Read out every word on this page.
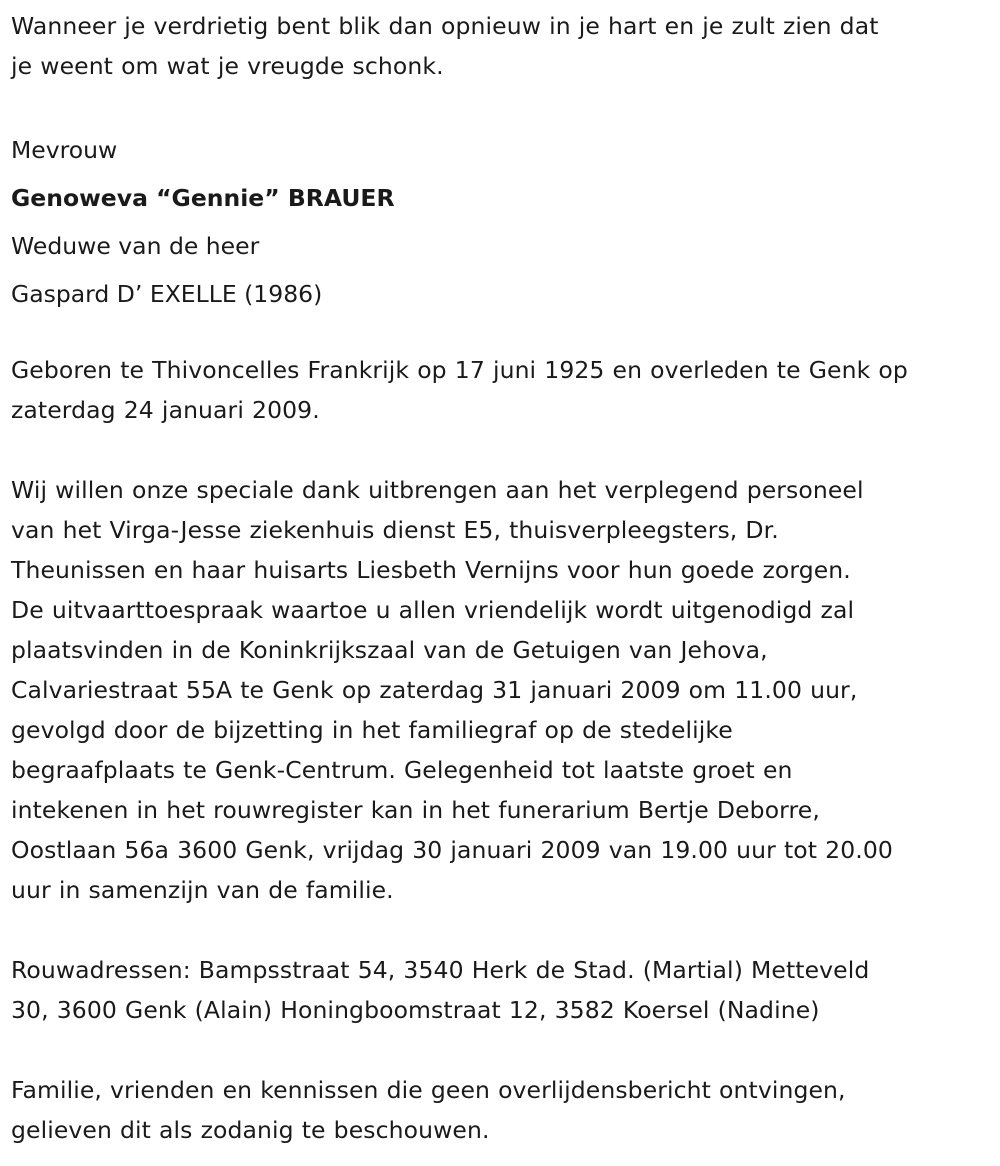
Wanneer je verdrietig bent blik dan opnieuw in je hart en je zult zien dat
je weent om wat je vreugde schonk.

Mevrouw

Genoweva “Gennie” BRAUER

Weduwe van de heer

Gaspard D’ EXELLE (1986)

Geboren te Thivoncelles Frankrijk op 17 juni 1925 en overleden te Genk op
zaterdag 24 januari 2009.

Wij willen onze speciale dank uitbrengen aan het verplegend personeel
van het Virga-Jesse ziekenhuis dienst E5, thuisverpleegsters, Dr.
Theunissen en haar huisarts Liesbeth Vernijns voor hun goede zorgen.
De uitvaarttoespraak waartoe u allen vriendelijk wordt uitgenodigd zal
plaatsvinden in de Koninkrijkszaal van de Getuigen van Jehova,
Calvariestraat 55A te Genk op zaterdag 31 januari 2009 om 11.00 uur,
gevolgd door de bijzetting in het familiegraf op de stedelijke
begraafplaats te Genk-Centrum. Gelegenheid tot laatste groet en
intekenen in het rouwregister kan in het funerarium Bertje Deborre,
Oostlaan 56a 3600 Genk, vrijdag 30 januari 2009 van 19.00 uur tot 20.00
uur in samenzijn van de familie.

Rouwadressen: Bampsstraat 54, 3540 Herk de Stad. (Martial) Metteveld
30, 3600 Genk (Alain) Honingboomstraat 12, 3582 Koersel (Nadine)

Familie, vrienden en kennissen die geen overlijdensbericht ontvingen,
gelieven dit als zodanig te beschouwen.
